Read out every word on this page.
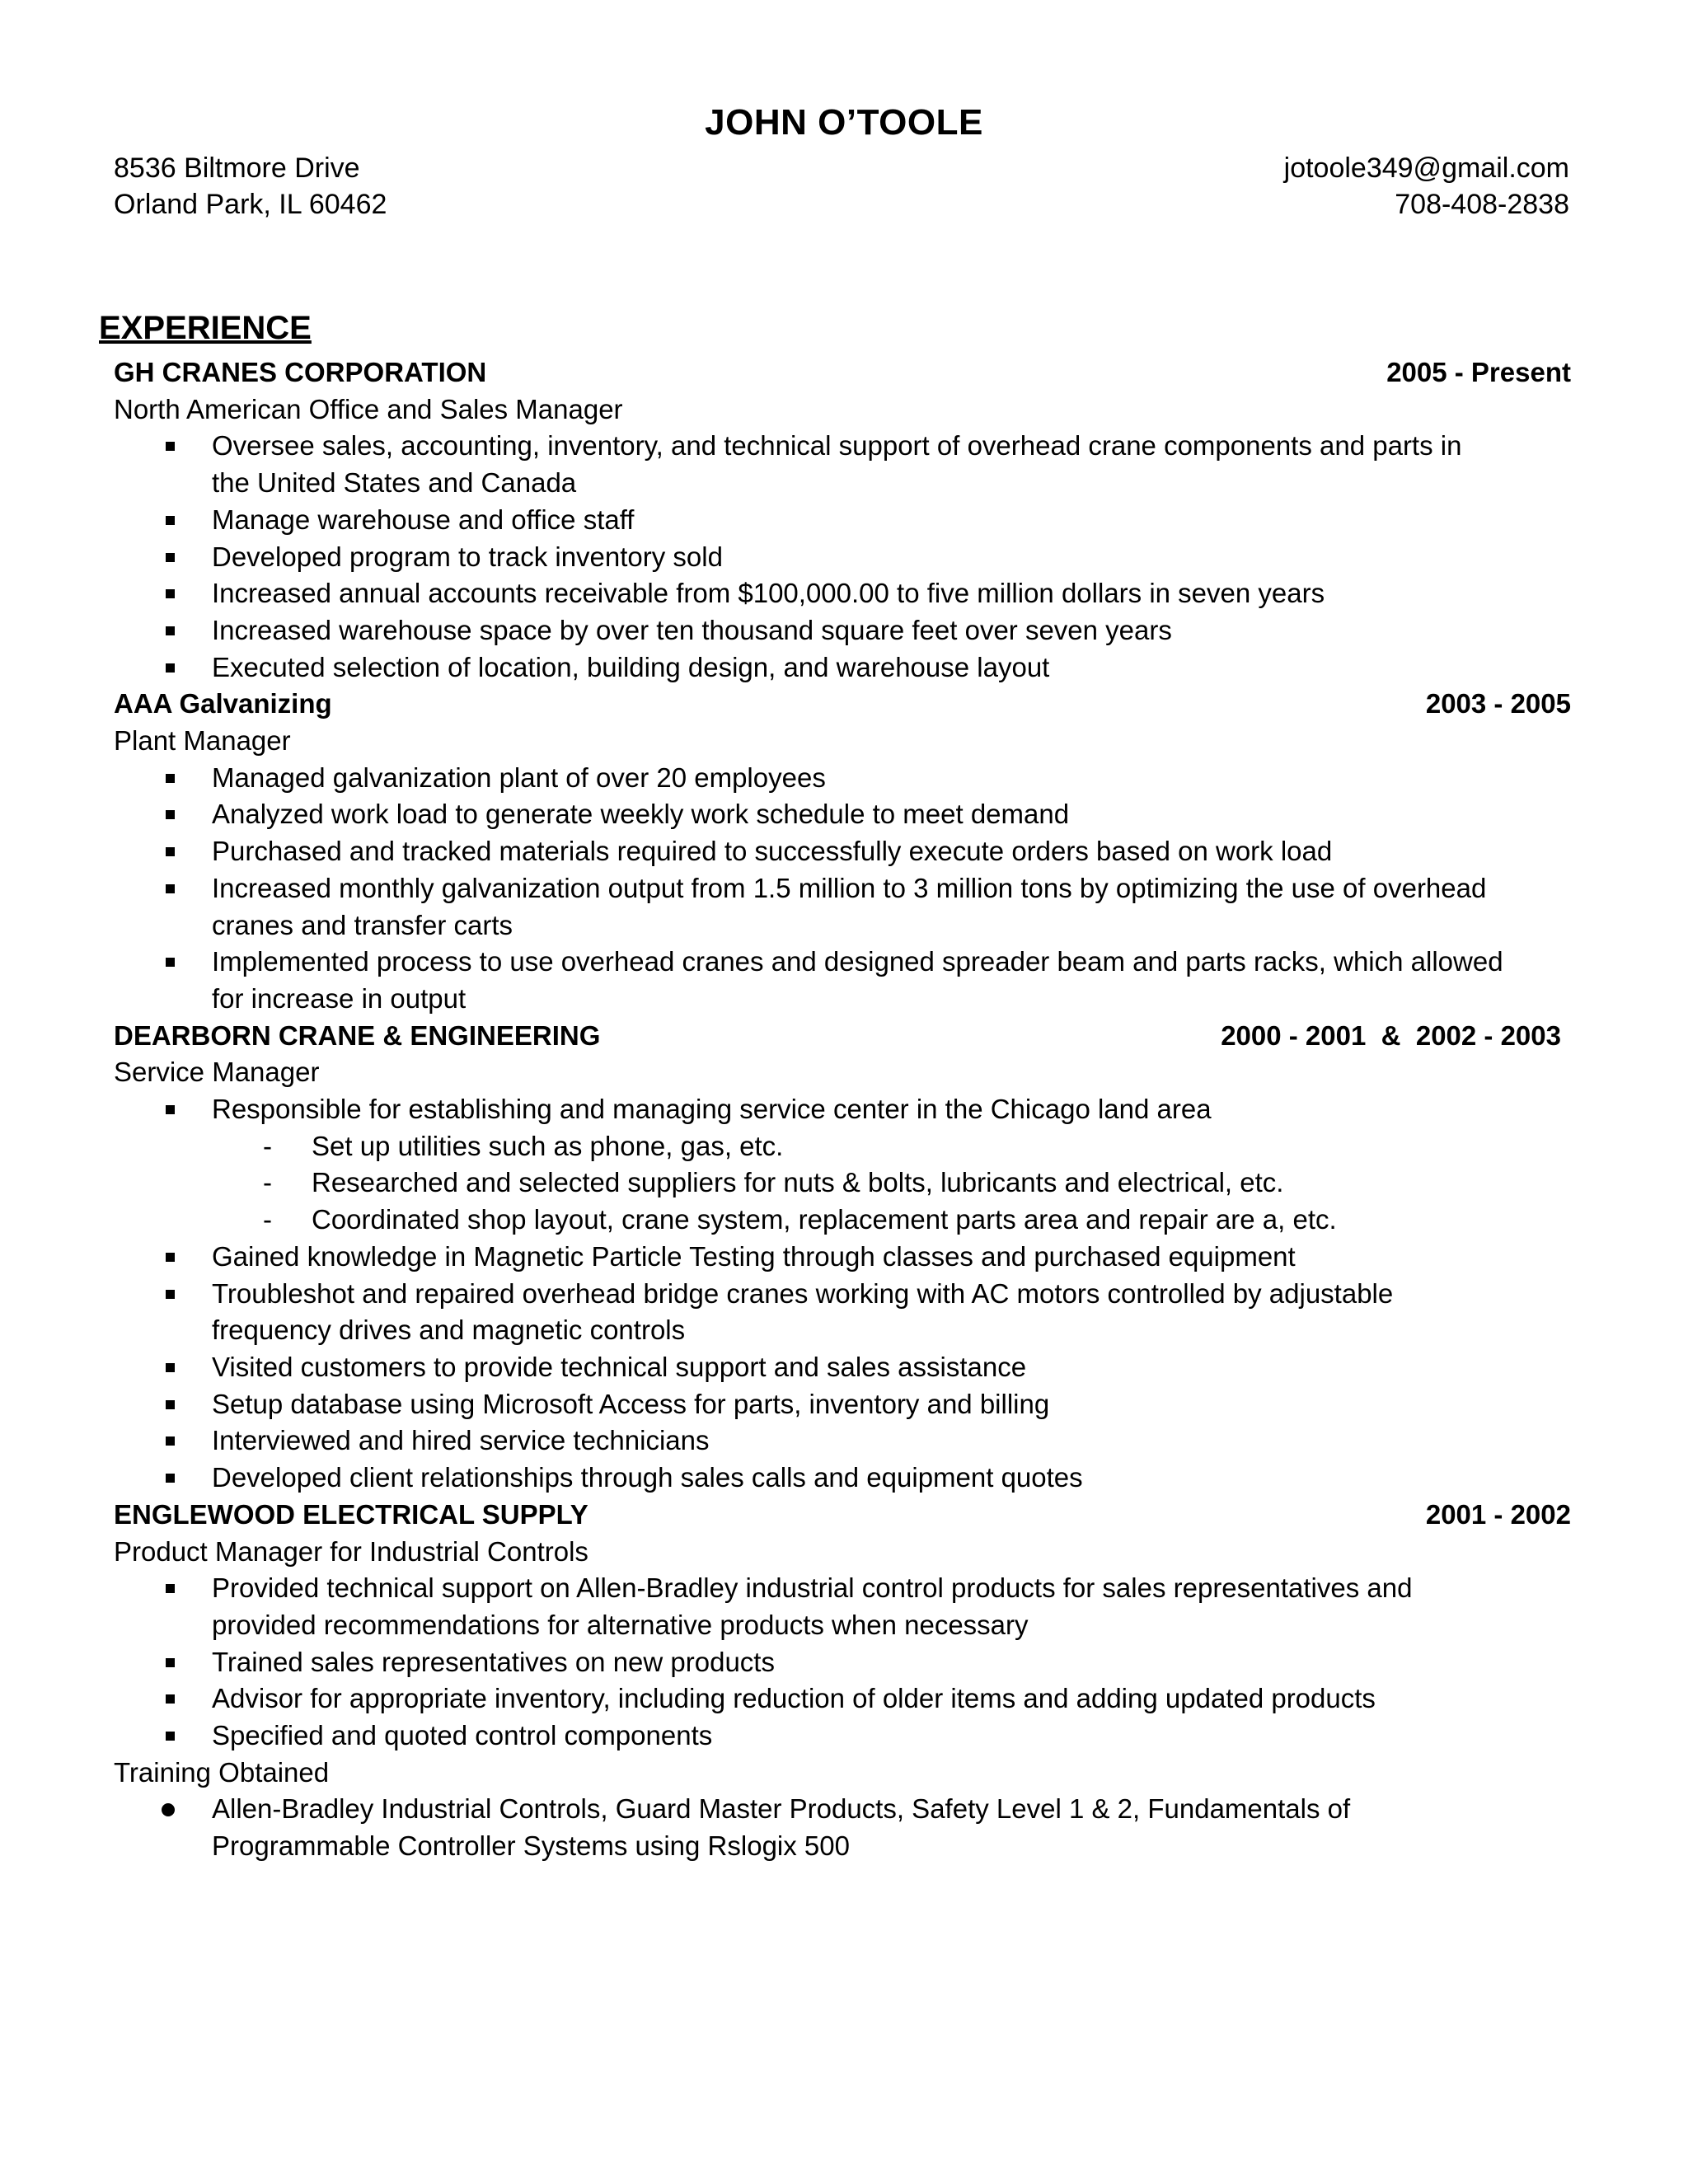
JOHN O’TOOLE
8536 Biltmore Drive
Orland Park, IL 60462
jotoole349@gmail.com
708-408-2838
EXPERIENCE
GH CRANES CORPORATION	2005 - Present
North American Office and Sales Manager
Oversee sales, accounting, inventory, and technical support of overhead crane components and parts in the United States and Canada
Manage warehouse and office staff
Developed program to track inventory sold
Increased annual accounts receivable from $100,000.00 to five million dollars in seven years
Increased warehouse space by over ten thousand square feet over seven years
Executed selection of location, building design, and warehouse layout
AAA Galvanizing	2003 - 2005
Plant Manager
Managed galvanization plant of over 20 employees
Analyzed work load to generate weekly work schedule to meet demand
Purchased and tracked materials required to successfully execute orders based on work load
Increased monthly galvanization output from 1.5 million to 3 million tons by optimizing the use of overhead cranes and transfer carts
Implemented process to use overhead cranes and designed spreader beam and parts racks, which allowed for increase in output
DEARBORN CRANE & ENGINEERING	2000 - 2001  &  2002 - 2003
Service Manager
Responsible for establishing and managing service center in the Chicago land area
- Set up utilities such as phone, gas, etc.
- Researched and selected suppliers for nuts & bolts, lubricants and electrical, etc.
- Coordinated shop layout, crane system, replacement parts area and repair are a, etc.
Gained knowledge in Magnetic Particle Testing through classes and purchased equipment
Troubleshot and repaired overhead bridge cranes working with AC motors controlled by adjustable frequency drives and magnetic controls
Visited customers to provide technical support and sales assistance
Setup database using Microsoft Access for parts, inventory and billing
Interviewed and hired service technicians
Developed client relationships through sales calls and equipment quotes
ENGLEWOOD ELECTRICAL SUPPLY	2001 - 2002
Product Manager for Industrial Controls
Provided technical support on Allen-Bradley industrial control products for sales representatives and provided recommendations for alternative products when necessary
Trained sales representatives on new products
Advisor for appropriate inventory, including reduction of older items and adding updated products
Specified and quoted control components
Training Obtained
Allen-Bradley Industrial Controls, Guard Master Products, Safety Level 1 & 2, Fundamentals of Programmable Controller Systems using Rslogix 500
